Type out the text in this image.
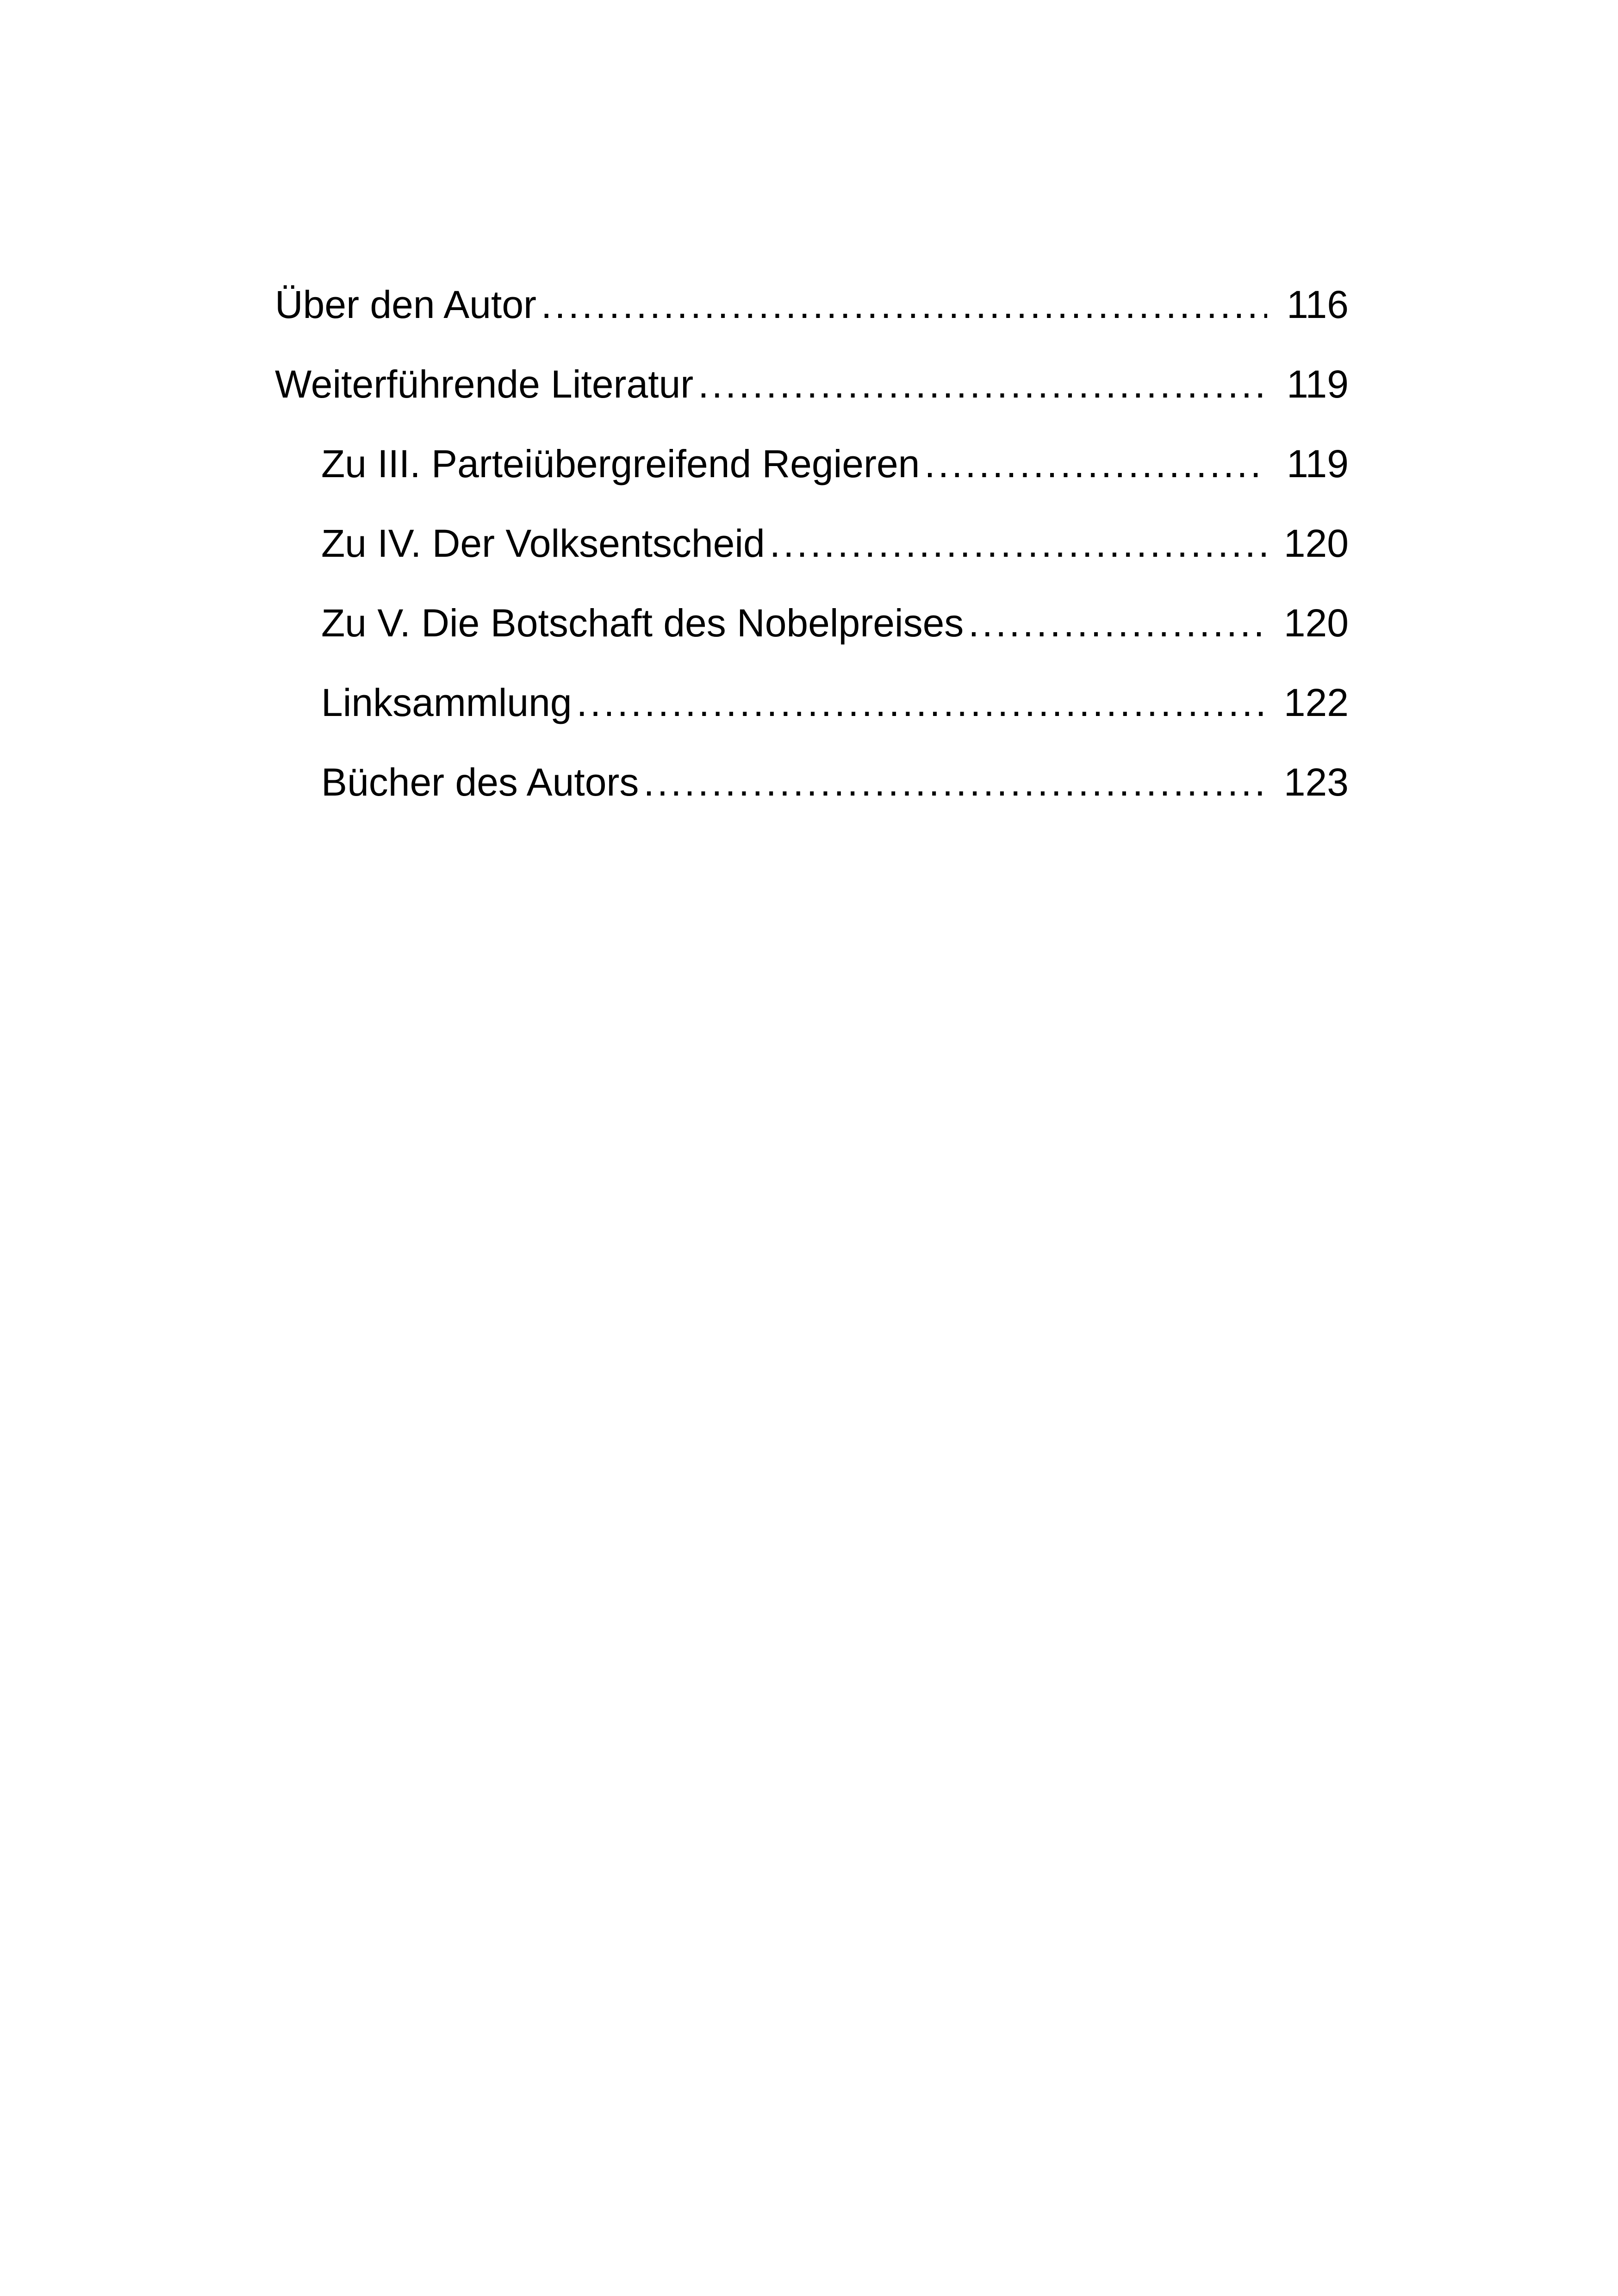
Über den Autor .....	116
Weiterführende Literatur .....	119
Zu III. Parteiübergreifend Regieren .....	119
Zu IV. Der Volksentscheid .....	120
Zu V. Die Botschaft des Nobelpreises .....	120
Linksammlung .....	122
Bücher des Autors .....	123
